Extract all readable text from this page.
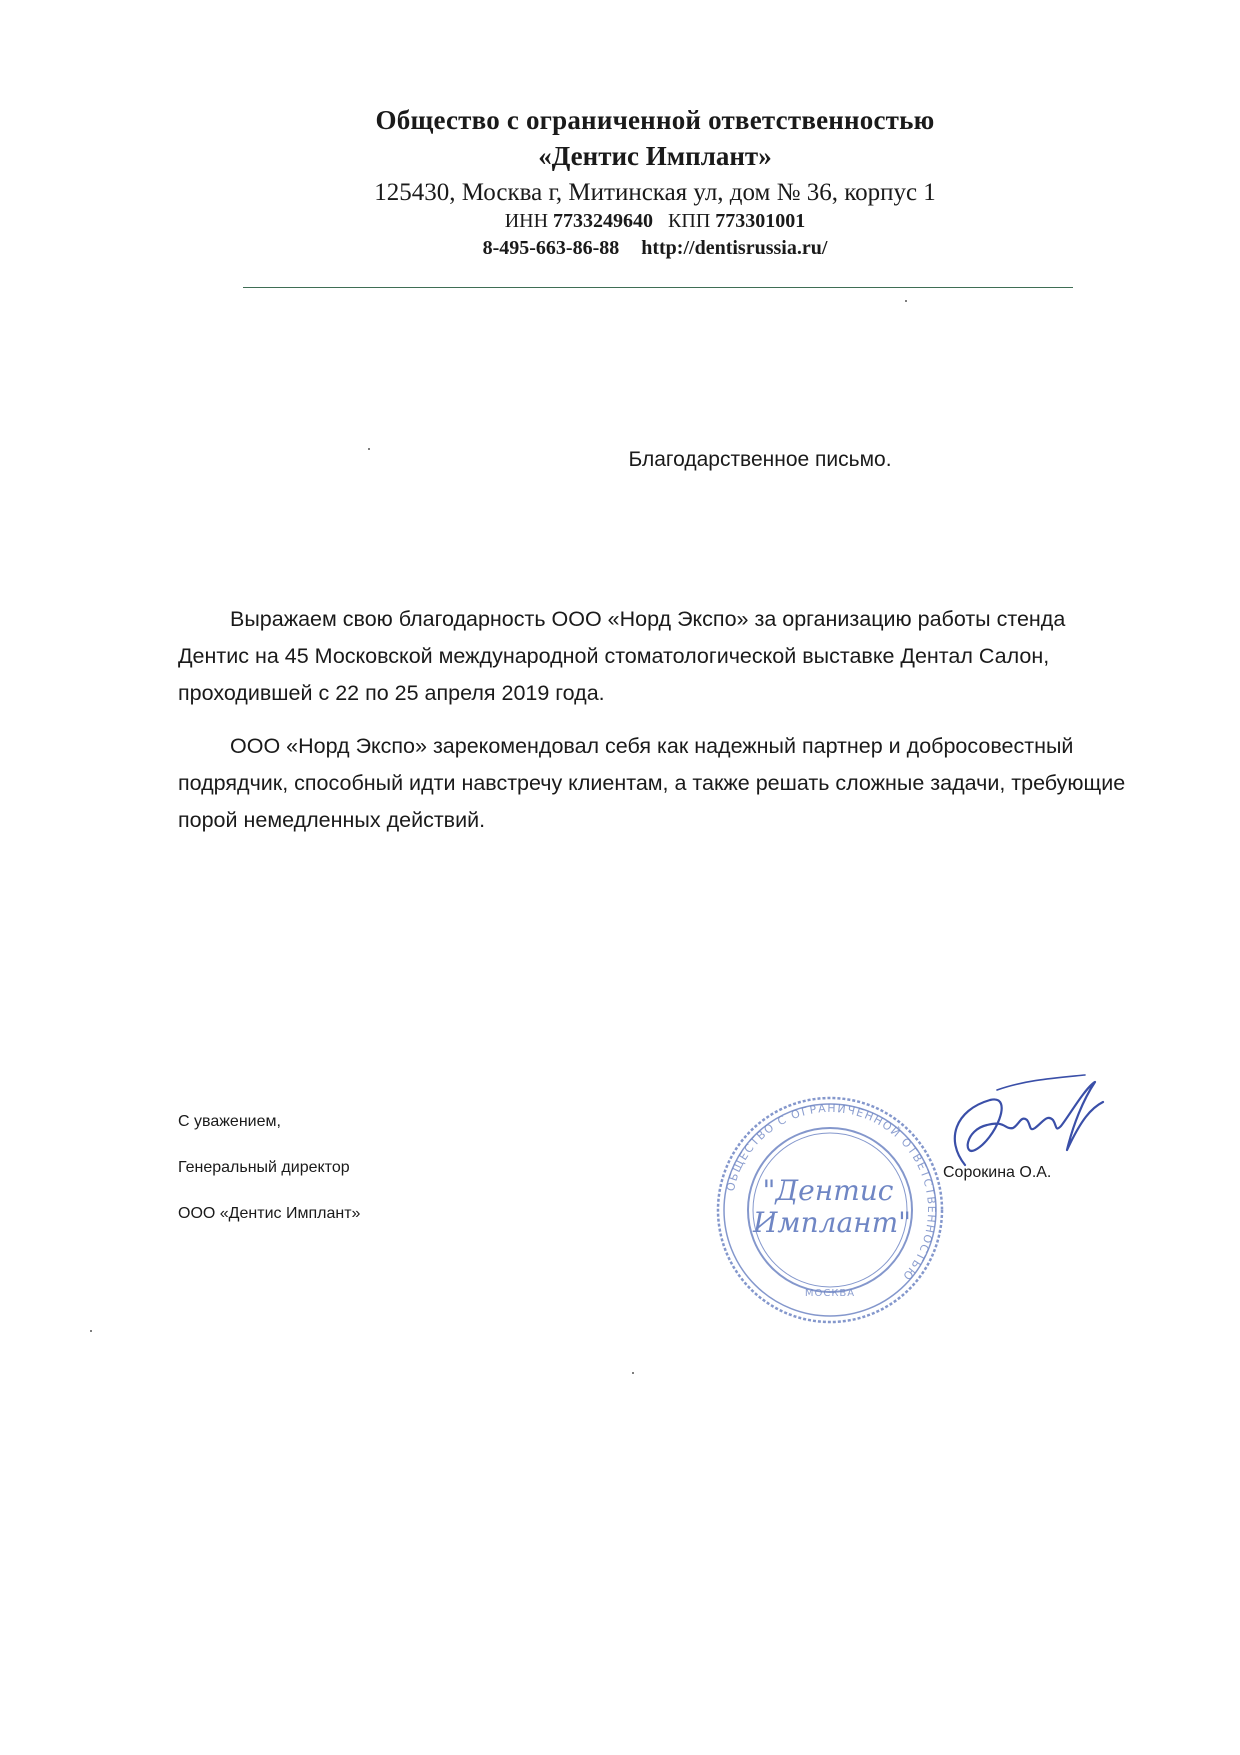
Общество с ограниченной ответственностью
«Дентис Имплант»
125430, Москва г, Митинская ул, дом № 36, корпус 1
ИНН 7733249640 КПП 773301001
8-495-663-86-88 http://dentisrussia.ru/
Благодарственное письмо.

Выражаем свою благодарность ООО «Норд Экспо» за организацию работы стенда Дентис на 45 Московской международной стоматологической выставке Дентал Салон, проходившей с 22 по 25 апреля 2019 года.

ООО «Норд Экспо» зарекомендовал себя как надежный партнер и добросовестный подрядчик, способный идти навстречу клиентам, а также решать сложные задачи, требующие порой немедленных действий.

С уважением,
Генеральный директор
ООО «Дентис Имплант»
ОБЩЕСТВО С ОГРАНИЧЕННОЙ ОТВЕТСТВЕННОСТЬЮ
МОСКВА
"Дентис
Имплант"
Сорокина О.А.
